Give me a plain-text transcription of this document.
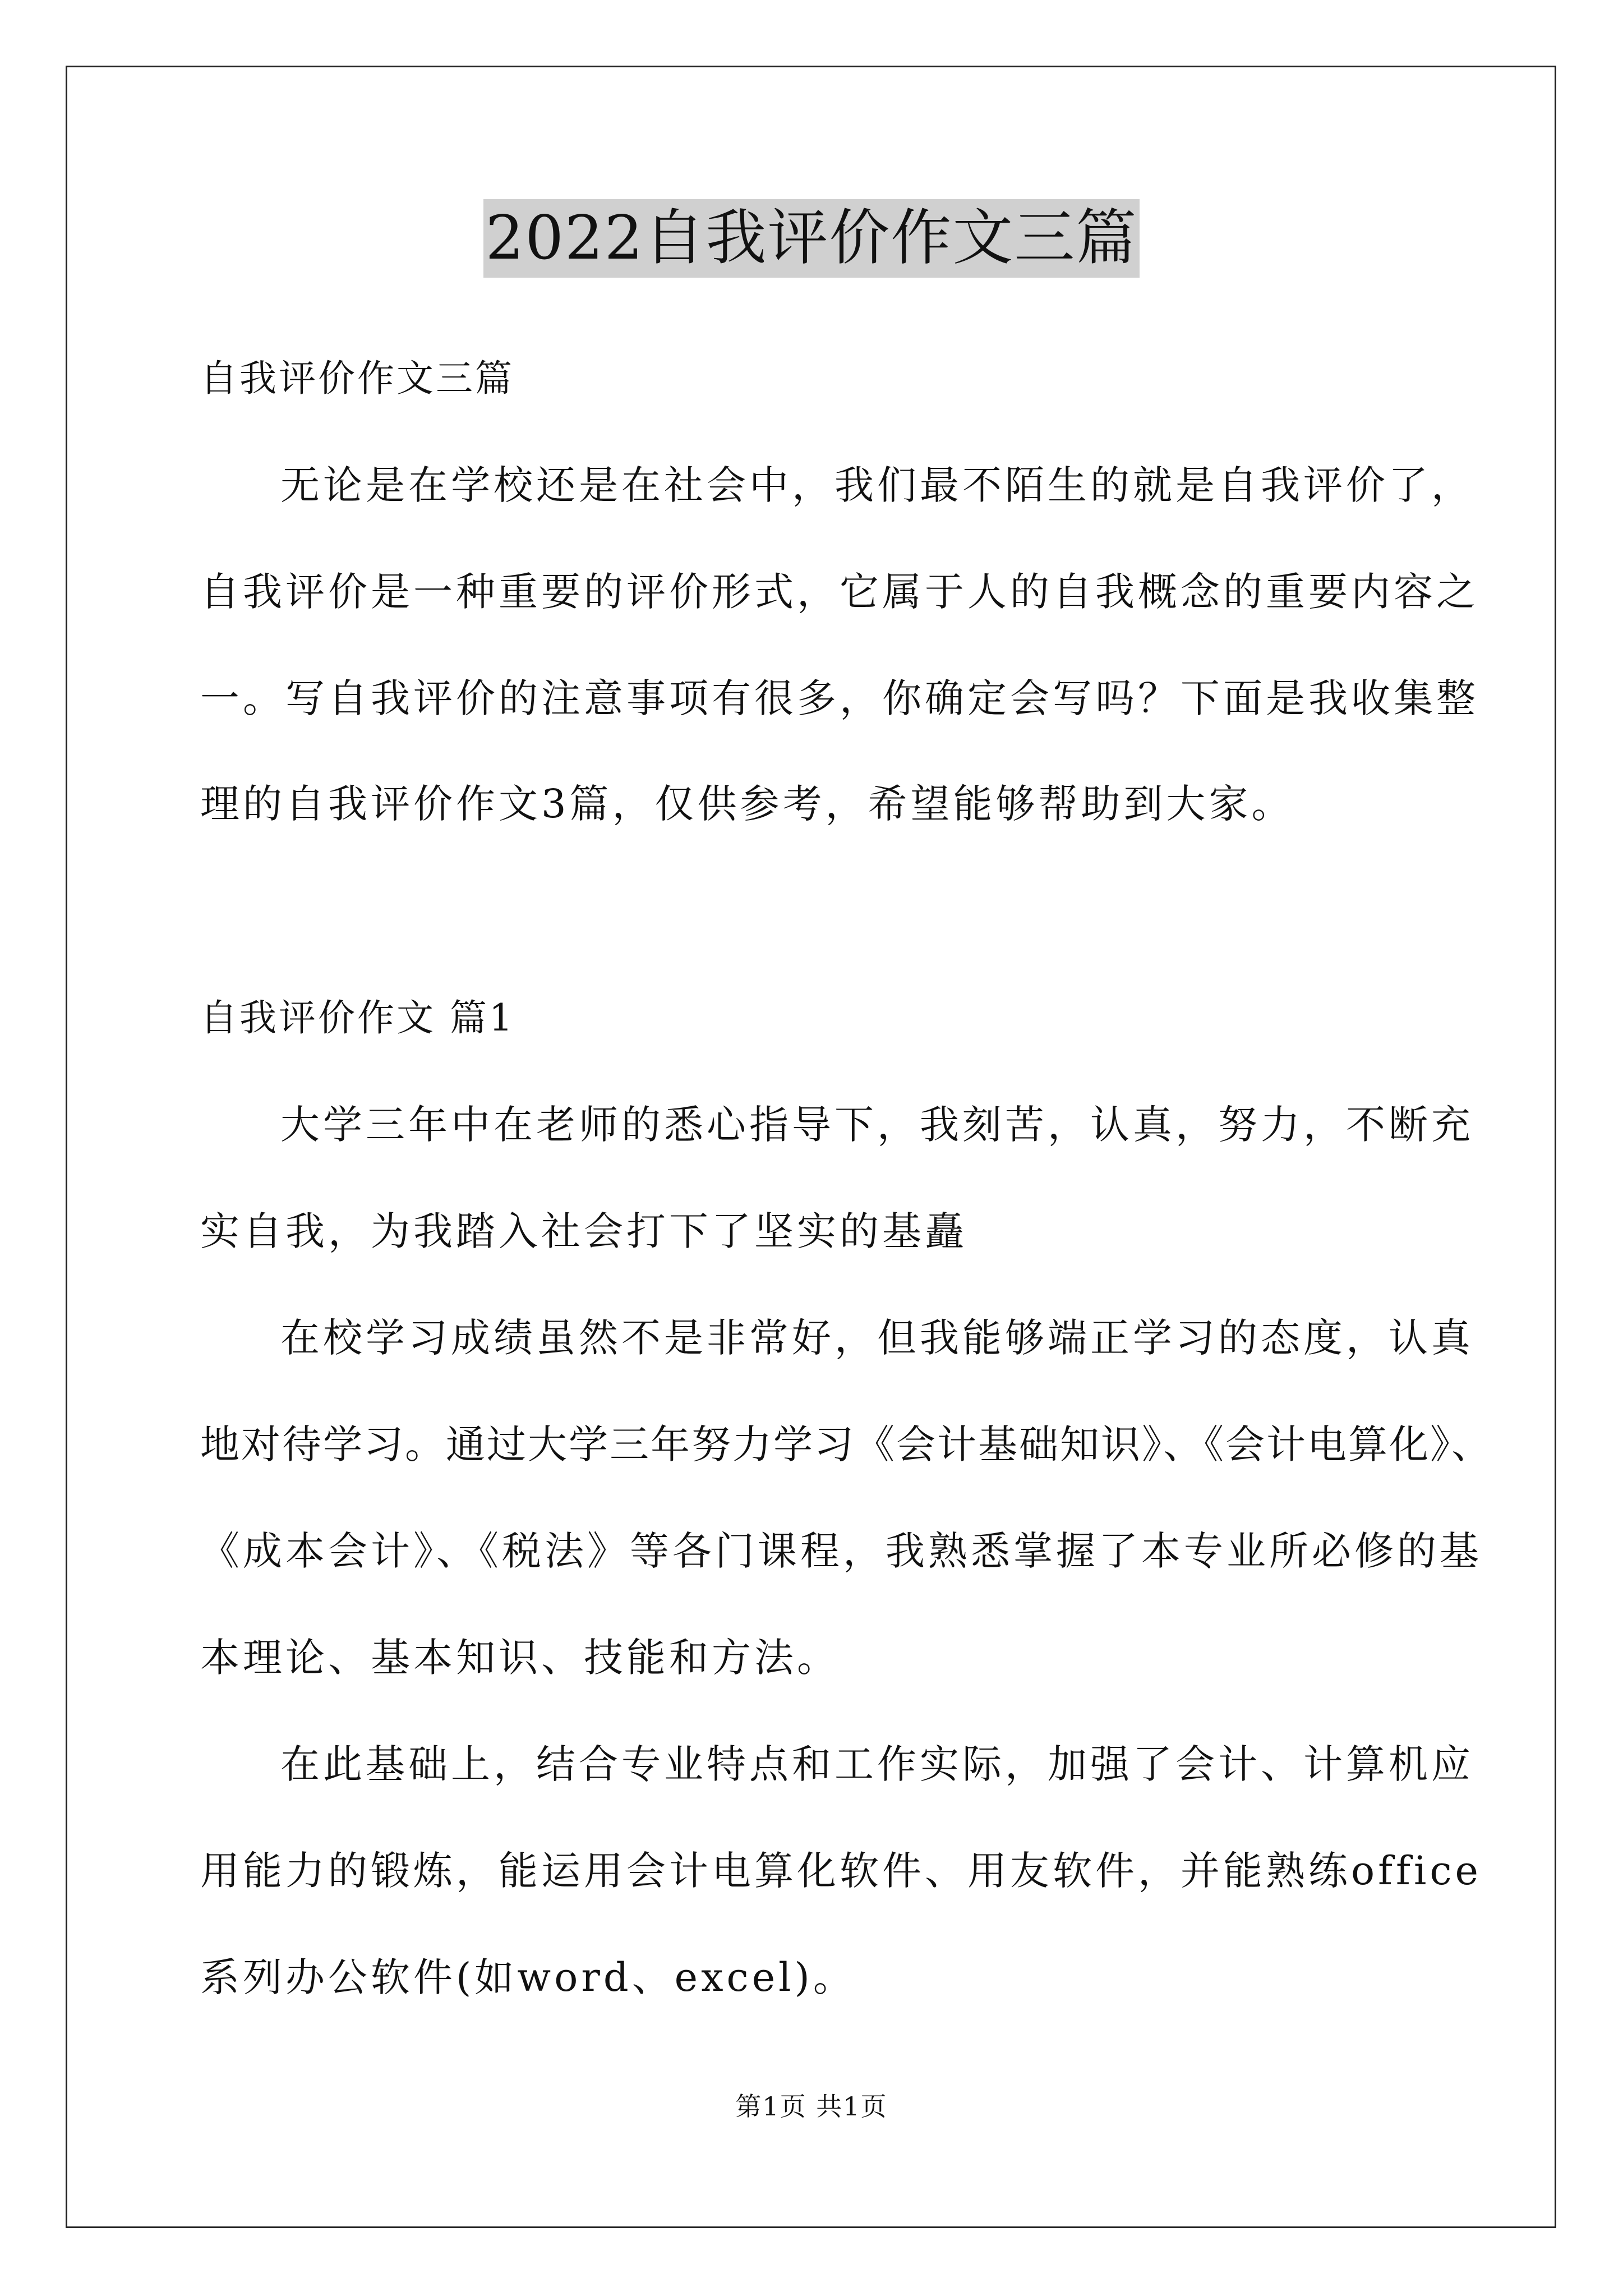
2022自我评价作文三篇
自我评价作文三篇
无论是在学校还是在社会中，我们最不陌生的就是自我评价了，
自我评价是一种重要的评价形式，它属于人的自我概念的重要内容之
一。写自我评价的注意事项有很多，你确定会写吗？下面是我收集整
理的自我评价作文3篇，仅供参考，希望能够帮助到大家。
自我评价作文 篇1
大学三年中在老师的悉心指导下，我刻苦，认真，努力，不断充
实自我，为我踏入社会打下了坚实的基矗
在校学习成绩虽然不是非常好，但我能够端正学习的态度，认真
地对待学习。通过大学三年努力学习《会计基础知识》、《会计电算化》、
《成本会计》、《税法》等各门课程，我熟悉掌握了本专业所必修的基
本理论、基本知识、技能和方法。
在此基础上，结合专业特点和工作实际，加强了会计、计算机应
用能力的锻炼，能运用会计电算化软件、用友软件，并能熟练office
系列办公软件(如word、excel)。
第1页 共1页
